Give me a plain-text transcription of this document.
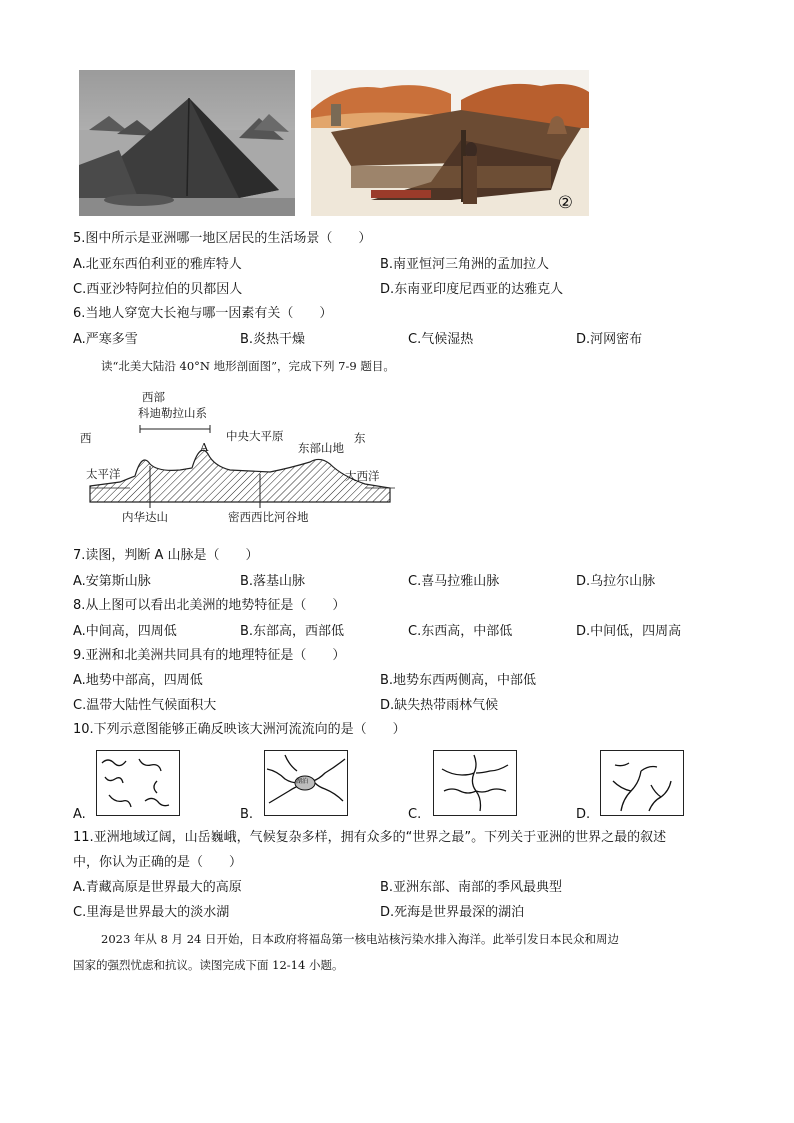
②
5.图中所示是亚洲哪一地区居民的生活场景（　　）
A.北亚东西伯利亚的雅库特人	B.南亚恒河三角洲的孟加拉人
C.西亚沙特阿拉伯的贝都因人	D.东南亚印度尼西亚的达雅克人
6.当地人穿宽大长袍与哪一因素有关（　　）
A.严寒多雪	B.炎热干燥	C.气候湿热	D.河网密布
读“北美大陆沿 40°N 地形剖面图”，完成下列 7-9 题目。
西部
科迪勒拉山系
西	东
A
中央大平原
东部山地
太平洋	大西洋
内华达山	密西西比河谷地
7.读图，判断 A 山脉是（　　）
A.安第斯山脉	B.落基山脉	C.喜马拉雅山脉	D.乌拉尔山脉
8.从上图可以看出北美洲的地势特征是（　　）
A.中间高，四周低	B.东部高，西部低	C.东西高，中部低	D.中间低，四周高
9.亚洲和北美洲共同具有的地理特征是（　　）
A.地势中部高，四周低	B.地势东西两侧高，中部低
C.温带大陆性气候面积大	D.缺失热带雨林气候
10.下列示意图能够正确反映该大洲河流流向的是（　　）
A.
湖泊
B.	C.	D.
11.亚洲地域辽阔，山岳巍峨，气候复杂多样，拥有众多的“世界之最”。下列关于亚洲的世界之最的叙述
中，你认为正确的是（　　）
A.青藏高原是世界最大的高原	B.亚洲东部、南部的季风最典型
C.里海是世界最大的淡水湖	D.死海是世界最深的湖泊
2023 年从 8 月 24 日开始，日本政府将福岛第一核电站核污染水排入海洋。此举引发日本民众和周边
国家的强烈忧虑和抗议。读图完成下面 12-14 小题。
